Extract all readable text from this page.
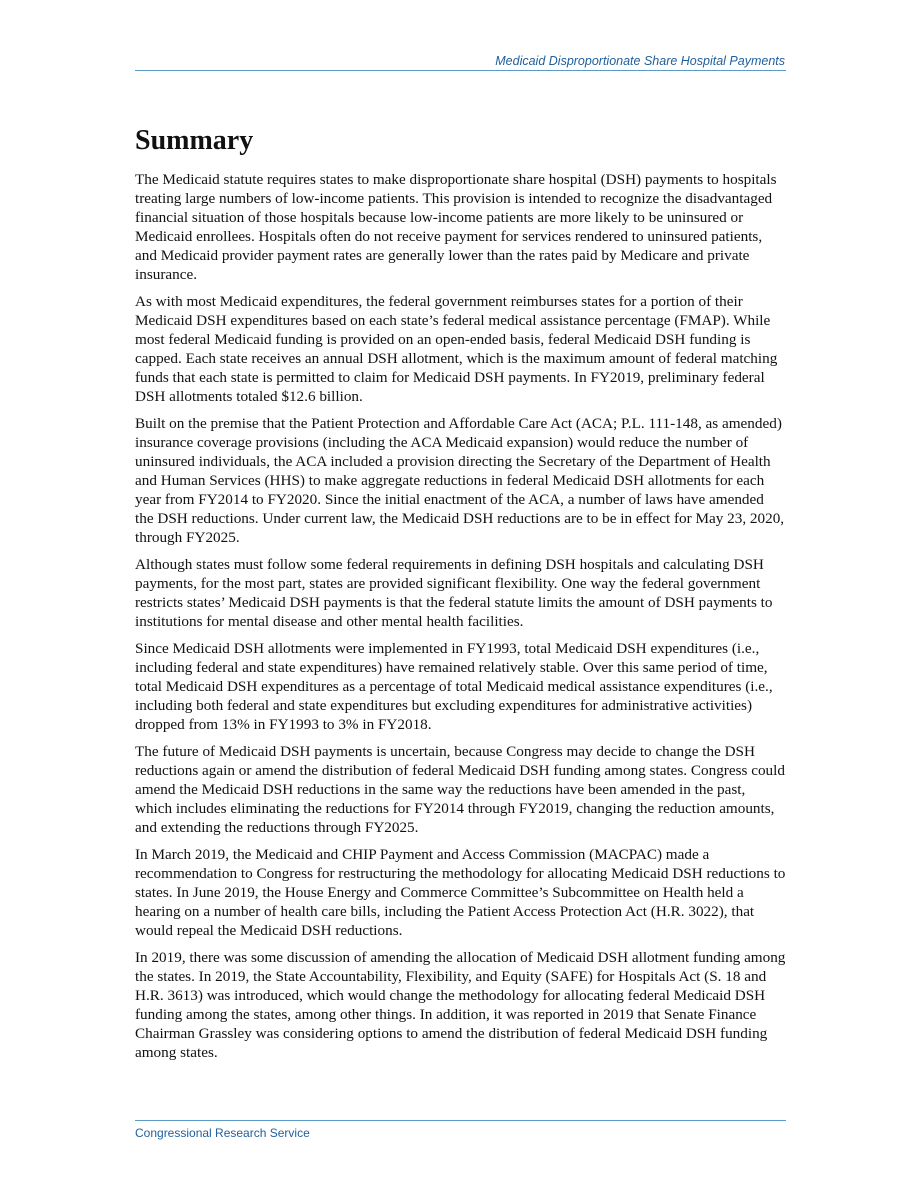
Medicaid Disproportionate Share Hospital Payments
Summary

The Medicaid statute requires states to make disproportionate share hospital (DSH) payments to hospitals treating large numbers of low-income patients. This provision is intended to recognize the disadvantaged financial situation of those hospitals because low-income patients are more likely to be uninsured or Medicaid enrollees. Hospitals often do not receive payment for services rendered to uninsured patients, and Medicaid provider payment rates are generally lower than the rates paid by Medicare and private insurance.

As with most Medicaid expenditures, the federal government reimburses states for a portion of their Medicaid DSH expenditures based on each state’s federal medical assistance percentage (FMAP). While most federal Medicaid funding is provided on an open-ended basis, federal Medicaid DSH funding is capped. Each state receives an annual DSH allotment, which is the maximum amount of federal matching funds that each state is permitted to claim for Medicaid DSH payments. In FY2019, preliminary federal DSH allotments totaled $12.6 billion.

Built on the premise that the Patient Protection and Affordable Care Act (ACA; P.L. 111-148, as amended) insurance coverage provisions (including the ACA Medicaid expansion) would reduce the number of uninsured individuals, the ACA included a provision directing the Secretary of the Department of Health and Human Services (HHS) to make aggregate reductions in federal Medicaid DSH allotments for each year from FY2014 to FY2020. Since the initial enactment of the ACA, a number of laws have amended the DSH reductions. Under current law, the Medicaid DSH reductions are to be in effect for May 23, 2020, through FY2025.

Although states must follow some federal requirements in defining DSH hospitals and calculating DSH payments, for the most part, states are provided significant flexibility. One way the federal government restricts states’ Medicaid DSH payments is that the federal statute limits the amount of DSH payments to institutions for mental disease and other mental health facilities.

Since Medicaid DSH allotments were implemented in FY1993, total Medicaid DSH expenditures (i.e., including federal and state expenditures) have remained relatively stable. Over this same period of time, total Medicaid DSH expenditures as a percentage of total Medicaid medical assistance expenditures (i.e., including both federal and state expenditures but excluding expenditures for administrative activities) dropped from 13% in FY1993 to 3% in FY2018.

The future of Medicaid DSH payments is uncertain, because Congress may decide to change the DSH reductions again or amend the distribution of federal Medicaid DSH funding among states. Congress could amend the Medicaid DSH reductions in the same way the reductions have been amended in the past, which includes eliminating the reductions for FY2014 through FY2019, changing the reduction amounts, and extending the reductions through FY2025.

In March 2019, the Medicaid and CHIP Payment and Access Commission (MACPAC) made a recommendation to Congress for restructuring the methodology for allocating Medicaid DSH reductions to states. In June 2019, the House Energy and Commerce Committee’s Subcommittee on Health held a hearing on a number of health care bills, including the Patient Access Protection Act (H.R. 3022), that would repeal the Medicaid DSH reductions.

In 2019, there was some discussion of amending the allocation of Medicaid DSH allotment funding among the states. In 2019, the State Accountability, Flexibility, and Equity (SAFE) for Hospitals Act (S. 18 and H.R. 3613) was introduced, which would change the methodology for allocating federal Medicaid DSH funding among the states, among other things. In addition, it was reported in 2019 that Senate Finance Chairman Grassley was considering options to amend the distribution of federal Medicaid DSH funding among states.

Congressional Research Service
